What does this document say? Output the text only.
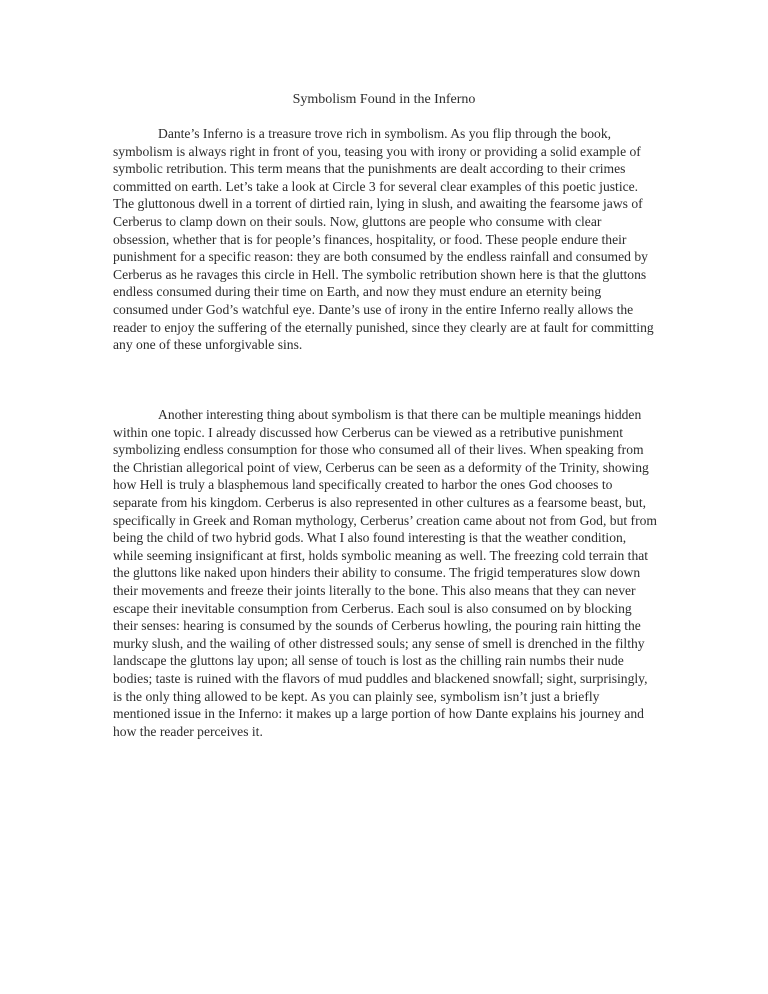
Symbolism Found in the Inferno

Dante’s Inferno is a treasure trove rich in symbolism. As you flip through the book, symbolism is always right in front of you, teasing you with irony or providing a solid example of symbolic retribution. This term means that the punishments are dealt according to their crimes committed on earth. Let’s take a look at Circle 3 for several clear examples of this poetic justice. The gluttonous dwell in a torrent of dirtied rain, lying in slush, and awaiting the fearsome jaws of Cerberus to clamp down on their souls. Now, gluttons are people who consume with clear obsession, whether that is for people’s finances, hospitality, or food. These people endure their punishment for a specific reason: they are both consumed by the endless rainfall and consumed by Cerberus as he ravages this circle in Hell. The symbolic retribution shown here is that the gluttons endless consumed during their time on Earth, and now they must endure an eternity being consumed under God’s watchful eye. Dante’s use of irony in the entire Inferno really allows the reader to enjoy the suffering of the eternally punished, since they clearly are at fault for committing any one of these unforgivable sins.

Another interesting thing about symbolism is that there can be multiple meanings hidden within one topic. I already discussed how Cerberus can be viewed as a retributive punishment symbolizing endless consumption for those who consumed all of their lives. When speaking from the Christian allegorical point of view, Cerberus can be seen as a deformity of the Trinity, showing how Hell is truly a blasphemous land specifically created to harbor the ones God chooses to separate from his kingdom. Cerberus is also represented in other cultures as a fearsome beast, but, specifically in Greek and Roman mythology, Cerberus’ creation came about not from God, but from being the child of two hybrid gods. What I also found interesting is that the weather condition, while seeming insignificant at first, holds symbolic meaning as well. The freezing cold terrain that the gluttons like naked upon hinders their ability to consume. The frigid temperatures slow down their movements and freeze their joints literally to the bone. This also means that they can never escape their inevitable consumption from Cerberus. Each soul is also consumed on by blocking their senses: hearing is consumed by the sounds of Cerberus howling, the pouring rain hitting the murky slush, and the wailing of other distressed souls; any sense of smell is drenched in the filthy landscape the gluttons lay upon; all sense of touch is lost as the chilling rain numbs their nude bodies; taste is ruined with the flavors of mud puddles and blackened snowfall; sight, surprisingly, is the only thing allowed to be kept. As you can plainly see, symbolism isn’t just a briefly mentioned issue in the Inferno: it makes up a large portion of how Dante explains his journey and how the reader perceives it.
